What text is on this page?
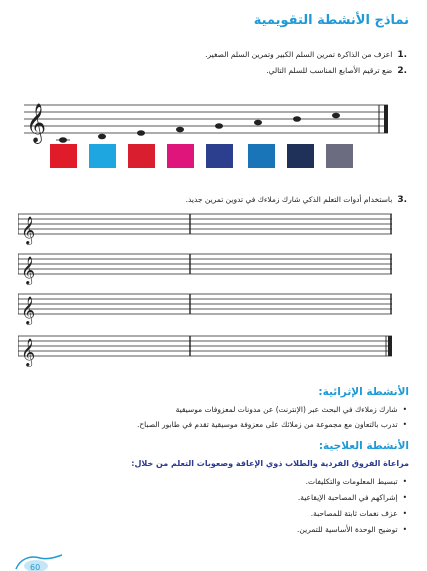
نماذج الأنشطة التقويمية
.1اعزف من الذاكرة تمرين السلم الكبير وتمرين السلم الصغير.
.2ضع ترقيم الأصابع المناسب للسلم التالي.
𝄞
.3باستخدام أدوات التعلم الذكي شارك زملاءك في تدوين تمرين جديد.
𝄞
𝄞
𝄞
𝄞
الأنشطة الإثرائية:
• شارك زملاءك في البحث عبر (الإنترنت) عن مدونات لمعزوفات موسيقية
• تدرب بالتعاون مع مجموعة من زملائك على معزوفة موسيقية تقدم في طابور الصباح.
الأنشطة العلاجية:
مراعاة الفروق الفردية والطلاب ذوي الإعاقة وصعوبات التعلم من خلال:
• تبسيط المعلومات والتكليفات.
• إشراكهم في المصاحبة الإيقاعية.
• عزف نغمات ثابتة للمصاحبة.
• توضيح الوحدة الأساسية للتمرين.
60
